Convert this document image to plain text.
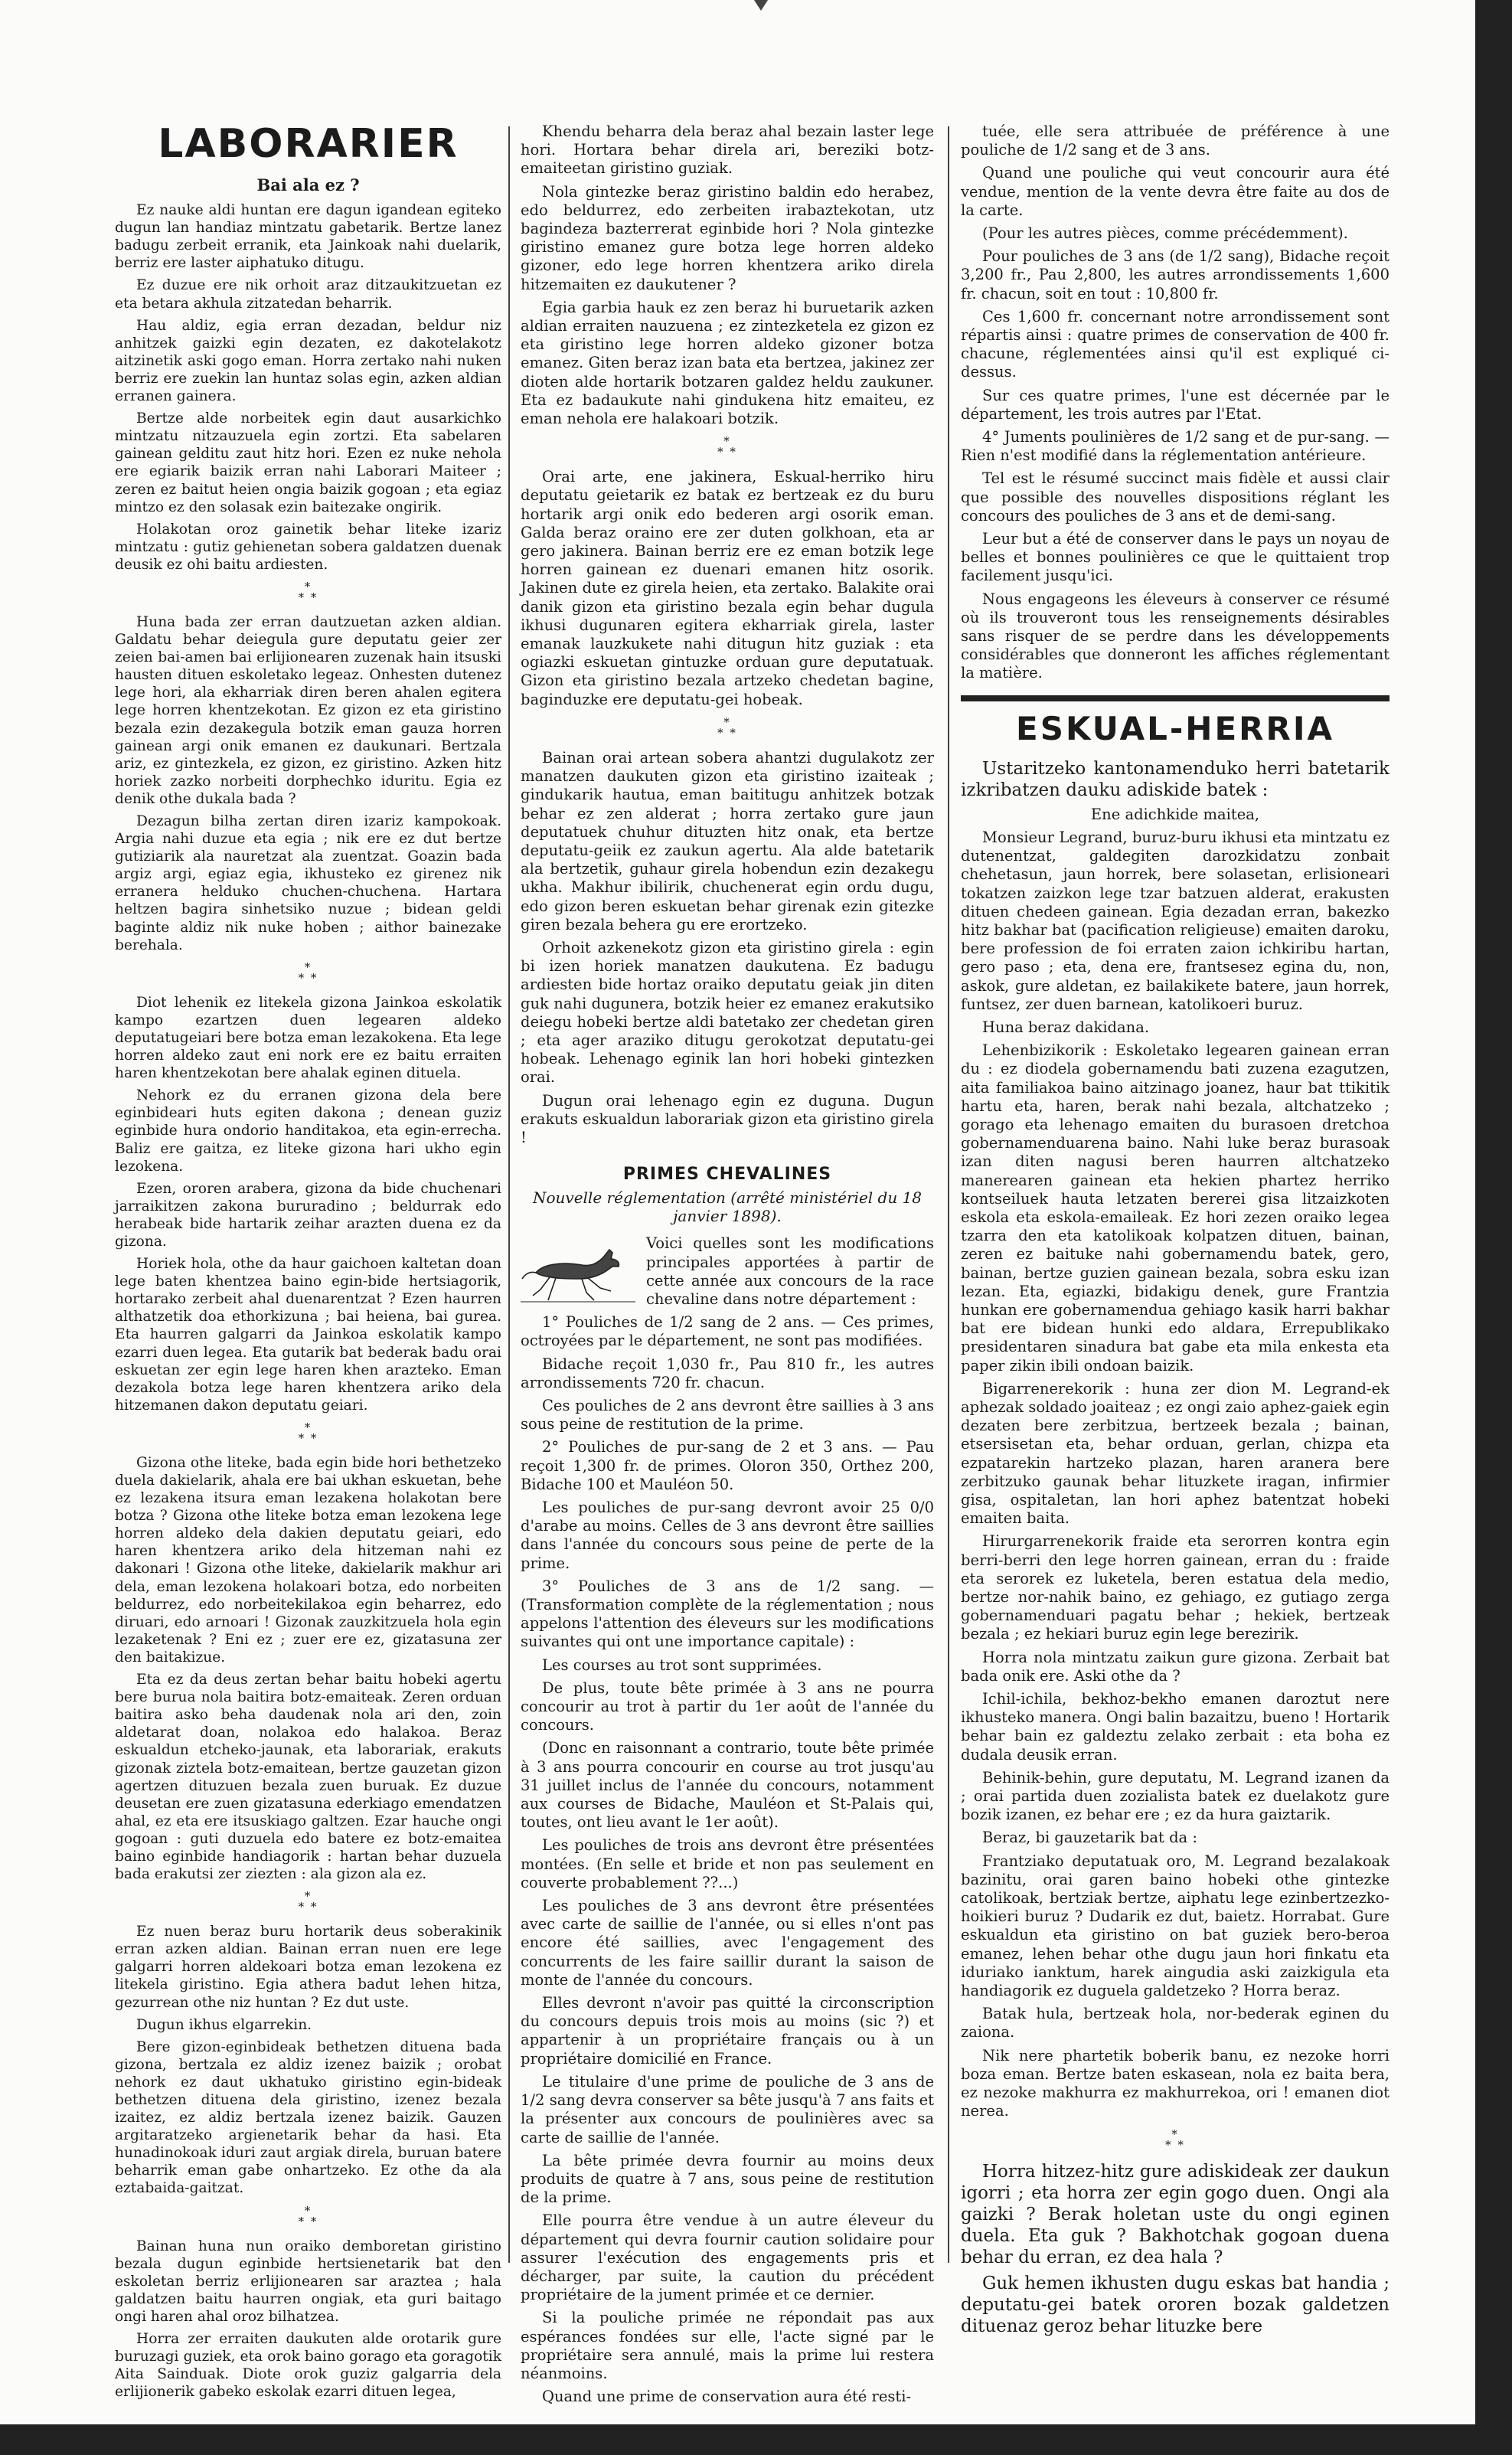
LABORARIER
Bai ala ez ?

Ez nauke aldi huntan ere dagun igandean egiteko dugun lan handiaz mintzatu gabetarik. Bertze lanez badugu zerbeit erranik, eta Jainkoak nahi duelarik, berriz ere laster aiphatuko ditugu.

Ez duzue ere nik orhoit araz ditzaukitzuetan ez eta betara akhula zitzatedan beharrik.

Hau aldiz, egia erran dezadan, beldur niz anhitzek gaizki egin dezaten, ez dakotelakotz aitzinetik aski gogo eman. Horra zertako nahi nuken berriz ere zuekin lan huntaz solas egin, azken aldian erranen gainera.

Bertze alde norbeitek egin daut ausarkichko mintzatu nitzauzuela egin zortzi. Eta sabelaren gainean gelditu zaut hitz hori. Ezen ez nuke nehola ere egiarik baizik erran nahi Laborari Maiteer ; zeren ez baitut heien ongia baizik gogoan ; eta egiaz mintzo ez den solasak ezin baitezake ongirik.

Holakotan oroz gainetik behar liteke izariz mintzatu : gutiz gehienetan sobera galdatzen duenak deusik ez ohi baitu ardiesten.

*
* *

Huna bada zer erran dautzuetan azken aldian. Galdatu behar deiegula gure deputatu geier zer zeien bai-amen bai erlijionearen zuzenak hain itsuski hausten dituen eskoletako legeaz. Onhesten dutenez lege hori, ala ekharriak diren beren ahalen egitera lege horren khentzekotan. Ez gizon ez eta giristino bezala ezin dezakegula botzik eman gauza horren gainean argi onik emanen ez daukunari. Bertzala ariz, ez gintezkela, ez gizon, ez giristino. Azken hitz horiek zazko norbeiti dorphechko iduritu. Egia ez denik othe dukala bada ?

Dezagun bilha zertan diren izariz kampokoak. Argia nahi duzue eta egia ; nik ere ez dut bertze gutiziarik ala nauretzat ala zuentzat. Goazin bada argiz argi, egiaz egia, ikhusteko ez girenez nik erranera helduko chuchen-chuchena. Hartara heltzen bagira sinhetsiko nuzue ; bidean geldi baginte aldiz nik nuke hoben ; aithor bainezake berehala.

*
* *

Diot lehenik ez litekela gizona Jainkoa eskolatik kampo ezartzen duen legearen aldeko deputatugeiari bere botza eman lezakokena. Eta lege horren aldeko zaut eni nork ere ez baitu erraiten haren khentzekotan bere ahalak eginen dituela.

Nehork ez du erranen gizona dela bere eginbideari huts egiten dakona ; denean guziz eginbide hura ondorio handitakoa, eta egin-errecha. Baliz ere gaitza, ez liteke gizona hari ukho egin lezokena.

Ezen, ororen arabera, gizona da bide chuchenari jarraikitzen zakona bururadino ; beldurrak edo herabeak bide hartarik zeihar arazten duena ez da gizona.

Horiek hola, othe da haur gaichoen kaltetan doan lege baten khentzea baino egin-bide hertsiagorik, hortarako zerbeit ahal duenarentzat ? Ezen haurren althatzetik doa ethorkizuna ; bai heiena, bai gurea. Eta haurren galgarri da Jainkoa eskolatik kampo ezarri duen legea. Eta gutarik bat bederak badu orai eskuetan zer egin lege haren khen arazteko. Eman dezakola botza lege haren khentzera ariko dela hitzemanen dakon deputatu geiari.

*
* *

Gizona othe liteke, bada egin bide hori bethetzeko duela dakielarik, ahala ere bai ukhan eskuetan, behe ez lezakena itsura eman lezakena holakotan bere botza ? Gizona othe liteke botza eman lezokena lege horren aldeko dela dakien deputatu geiari, edo haren khentzera ariko dela hitzeman nahi ez dakonari ! Gizona othe liteke, dakielarik makhur ari dela, eman lezokena holakoari botza, edo norbeiten beldurrez, edo norbeitekilakoa egin beharrez, edo diruari, edo arnoari ! Gizonak zauzkitzuela hola egin lezaketenak ? Eni ez ; zuer ere ez, gizatasuna zer den baitakizue.

Eta ez da deus zertan behar baitu hobeki agertu bere burua nola baitira botz-emaiteak. Zeren orduan baitira asko beha daudenak nola ari den, zoin aldetarat doan, nolakoa edo halakoa. Beraz eskualdun etcheko-jaunak, eta laborariak, erakuts gizonak ziztela botz-emaitean, bertze gauzetan gizon agertzen dituzuen bezala zuen buruak. Ez duzue deusetan ere zuen gizatasuna ederkiago emendatzen ahal, ez eta ere itsuskiago galtzen. Ezar hauche ongi gogoan : guti duzuela edo batere ez botz-emaitea baino eginbide handiagorik : hartan behar duzuela bada erakutsi zer ziezten : ala gizon ala ez.

*
* *

Ez nuen beraz buru hortarik deus soberakinik erran azken aldian. Bainan erran nuen ere lege galgarri horren aldekoari botza eman lezokena ez litekela giristino. Egia athera badut lehen hitza, gezurrean othe niz huntan ? Ez dut uste.

Dugun ikhus elgarrekin.

Bere gizon-eginbideak bethetzen dituena bada gizona, bertzala ez aldiz izenez baizik ; orobat nehork ez daut ukhatuko giristino egin-bideak bethetzen dituena dela giristino, izenez bezala izaitez, ez aldiz bertzala izenez baizik. Gauzen argitaratzeko argienetarik behar da hasi. Eta hunadinokoak iduri zaut argiak direla, buruan batere beharrik eman gabe onhartzeko. Ez othe da ala eztabaida-gaitzat.

*
* *

Bainan huna nun oraiko demboretan giristino bezala dugun eginbide hertsienetarik bat den eskoletan berriz erlijionearen sar araztea ; hala galdatzen baitu haurren ongiak, eta guri baitago ongi haren ahal oroz bilhatzea.

Horra zer erraiten daukuten alde orotarik gure buruzagi guziek, eta orok baino gorago eta goragotik Aita Sainduak. Diote orok guziz galgarria dela erlijionerik gabeko eskolak ezarri dituen legea,

Khendu beharra dela beraz ahal bezain laster lege hori. Hortara behar direla ari, bereziki botz-emaiteetan giristino guziak.

Nola gintezke beraz giristino baldin edo herabez, edo beldurrez, edo zerbeiten irabaztekotan, utz bagindeza bazterrerat eginbide hori ? Nola gintezke giristino emanez gure botza lege horren aldeko gizoner, edo lege horren khentzera ariko direla hitzemaiten ez daukutener ?

Egia garbia hauk ez zen beraz hi buruetarik azken aldian erraiten nauzuena ; ez zintezketela ez gizon ez eta giristino lege horren aldeko gizoner botza emanez. Giten beraz izan bata eta bertzea, jakinez zer dioten alde hortarik botzaren galdez heldu zaukuner. Eta ez badaukute nahi gindukena hitz emaiteu, ez eman nehola ere halakoari botzik.

*
* *

Orai arte, ene jakinera, Eskual-herriko hiru deputatu geietarik ez batak ez bertzeak ez du buru hortarik argi onik edo bederen argi osorik eman. Galda beraz oraino ere zer duten golkhoan, eta ar gero jakinera. Bainan berriz ere ez eman botzik lege horren gainean ez duenari emanen hitz osorik. Jakinen dute ez girela heien, eta zertako. Balakite orai danik gizon eta giristino bezala egin behar dugula ikhusi dugunaren egitera ekharriak girela, laster emanak lauzkukete nahi ditugun hitz guziak : eta ogiazki eskuetan gintuzke orduan gure deputatuak. Gizon eta giristino bezala artzeko chedetan bagine, baginduzke ere deputatu-gei hobeak.

*
* *

Bainan orai artean sobera ahantzi dugulakotz zer manatzen daukuten gizon eta giristino izaiteak ; gindukarik hautua, eman baititugu anhitzek botzak behar ez zen alderat ; horra zertako gure jaun deputatuek chuhur dituzten hitz onak, eta bertze deputatu-geiik ez zaukun agertu. Ala alde batetarik ala bertzetik, guhaur girela hobendun ezin dezakegu ukha. Makhur ibilirik, chuchenerat egin ordu dugu, edo gizon beren eskuetan behar girenak ezin gitezke giren bezala behera gu ere erortzeko.

Orhoit azkenekotz gizon eta giristino girela : egin bi izen horiek manatzen daukutena. Ez badugu ardiesten bide hortaz oraiko deputatu geiak jin diten guk nahi dugunera, botzik heier ez emanez erakutsiko deiegu hobeki bertze aldi batetako zer chedetan giren ; eta ager araziko ditugu gerokotzat deputatu-gei hobeak. Lehenago eginik lan hori hobeki gintezken orai.

Dugun orai lehenago egin ez duguna. Dugun erakuts eskualdun laborariak gizon eta giristino girela !

PRIMES CHEVALINES
Nouvelle réglementation (arrêté ministériel du 18 janvier 1898).

Voici quelles sont les modifications principales apportées à partir de cette année aux concours de la race chevaline dans notre département :

1° Pouliches de 1/2 sang de 2 ans. — Ces primes, octroyées par le département, ne sont pas modifiées.

Bidache reçoit 1,030 fr., Pau 810 fr., les autres arrondissements 720 fr. chacun.

Ces pouliches de 2 ans devront être saillies à 3 ans sous peine de restitution de la prime.

2° Pouliches de pur-sang de 2 et 3 ans. — Pau reçoit 1,300 fr. de primes. Oloron 350, Orthez 200, Bidache 100 et Mauléon 50.

Les pouliches de pur-sang devront avoir 25 0/0 d'arabe au moins. Celles de 3 ans devront être saillies dans l'année du concours sous peine de perte de la prime.

3° Pouliches de 3 ans de 1/2 sang. — (Transformation complète de la réglementation ; nous appelons l'attention des éleveurs sur les modifications suivantes qui ont une importance capitale) :

Les courses au trot sont supprimées.

De plus, toute bête primée à 3 ans ne pourra concourir au trot à partir du 1er août de l'année du concours.

(Donc en raisonnant a contrario, toute bête primée à 3 ans pourra concourir en course au trot jusqu'au 31 juillet inclus de l'année du concours, notamment aux courses de Bidache, Mauléon et St-Palais qui, toutes, ont lieu avant le 1er août).

Les pouliches de trois ans devront être présentées montées. (En selle et bride et non pas seulement en couverte probablement ??...)

Les pouliches de 3 ans devront être présentées avec carte de saillie de l'année, ou si elles n'ont pas encore été saillies, avec l'engagement des concurrents de les faire saillir durant la saison de monte de l'année du concours.

Elles devront n'avoir pas quitté la circonscription du concours depuis trois mois au moins (sic ?) et appartenir à un propriétaire français ou à un propriétaire domicilié en France.

Le titulaire d'une prime de pouliche de 3 ans de 1/2 sang devra conserver sa bête jusqu'à 7 ans faits et la présenter aux concours de poulinières avec sa carte de saillie de l'année.

La bête primée devra fournir au moins deux produits de quatre à 7 ans, sous peine de restitution de la prime.

Elle pourra être vendue à un autre éleveur du département qui devra fournir caution solidaire pour assurer l'exécution des engagements pris et décharger, par suite, la caution du précédent propriétaire de la jument primée et ce dernier.

Si la pouliche primée ne répondait pas aux espérances fondées sur elle, l'acte signé par le propriétaire sera annulé, mais la prime lui restera néanmoins.

Quand une prime de conservation aura été resti-

tuée, elle sera attribuée de préférence à une pouliche de 1/2 sang et de 3 ans.

Quand une pouliche qui veut concourir aura été vendue, mention de la vente devra être faite au dos de la carte.

(Pour les autres pièces, comme précédemment).

Pour pouliches de 3 ans (de 1/2 sang), Bidache reçoit 3,200 fr., Pau 2,800, les autres arrondissements 1,600 fr. chacun, soit en tout : 10,800 fr.

Ces 1,600 fr. concernant notre arrondissement sont répartis ainsi : quatre primes de conservation de 400 fr. chacune, réglementées ainsi qu'il est expliqué ci-dessus.

Sur ces quatre primes, l'une est décernée par le département, les trois autres par l'Etat.

4° Juments poulinières de 1/2 sang et de pur-sang. — Rien n'est modifié dans la réglementation antérieure.

Tel est le résumé succinct mais fidèle et aussi clair que possible des nouvelles dispositions réglant les concours des pouliches de 3 ans et de demi-sang.

Leur but a été de conserver dans le pays un noyau de belles et bonnes poulinières ce que le quittaient trop facilement jusqu'ici.

Nous engageons les éleveurs à conserver ce résumé où ils trouveront tous les renseignements désirables sans risquer de se perdre dans les développements considérables que donneront les affiches réglementant la matière.

ESKUAL-HERRIA

Ustaritzeko kantonamenduko herri batetarik izkribatzen dauku adiskide batek :

Ene adichkide maitea,

Monsieur Legrand, buruz-buru ikhusi eta mintzatu ez dutenentzat, galdegiten darozkidatzu zonbait chehetasun, jaun horrek, bere solasetan, erlisioneari tokatzen zaizkon lege tzar batzuen alderat, erakusten dituen chedeen gainean. Egia dezadan erran, bakezko hitz bakhar bat (pacification religieuse) emaiten daroku, bere profession de foi erraten zaion ichkiribu hartan, gero paso ; eta, dena ere, frantsesez egina du, non, askok, gure aldetan, ez bailakikete batere, jaun horrek, funtsez, zer duen barnean, katolikoeri buruz.

Huna beraz dakidana.

Lehenbizikorik : Eskoletako legearen gainean erran du : ez diodela gobernamendu bati zuzena ezagutzen, aita familiakoa baino aitzinago joanez, haur bat ttikitik hartu eta, haren, berak nahi bezala, altchatzeko ; gorago eta lehenago emaiten du burasoen dretchoa gobernamenduarena baino. Nahi luke beraz burasoak izan diten nagusi beren haurren altchatzeko manerearen gainean eta hekien phartez herriko kontseiluek hauta letzaten bererei gisa litzaizkoten eskola eta eskola-emaileak. Ez hori zezen oraiko legea tzarra den eta katolikoak kolpatzen dituen, bainan, zeren ez baituke nahi gobernamendu batek, gero, bainan, bertze guzien gainean bezala, sobra esku izan lezan. Eta, egiazki, bidakigu denek, gure Frantzia hunkan ere gobernamendua gehiago kasik harri bakhar bat ere bidean hunki edo aldara, Errepublikako presidentaren sinadura bat gabe eta mila enkesta eta paper zikin ibili ondoan baizik.

Bigarrenerekorik : huna zer dion M. Legrand-ek aphezak soldado joaiteaz ; ez ongi zaio aphez-gaiek egin dezaten bere zerbitzua, bertzeek bezala ; bainan, etsersisetan eta, behar orduan, gerlan, chizpa eta ezpatarekin hartzeko plazan, haren aranera bere zerbitzuko gaunak behar lituzkete iragan, infirmier gisa, ospitaletan, lan hori aphez batentzat hobeki emaiten baita.

Hirurgarrenekorik fraide eta serorren kontra egin berri-berri den lege horren gainean, erran du : fraide eta serorek ez luketela, beren estatua dela medio, bertze nor-nahik baino, ez gehiago, ez gutiago zerga gobernamenduari pagatu behar ; hekiek, bertzeak bezala ; ez hekiari buruz egin lege berezirik.

Horra nola mintzatu zaikun gure gizona. Zerbait bat bada onik ere. Aski othe da ?

Ichil-ichila, bekhoz-bekho emanen daroztut nere ikhusteko manera. Ongi balin bazaitzu, bueno ! Hortarik behar bain ez galdeztu zelako zerbait : eta boha ez dudala deusik erran.

Behinik-behin, gure deputatu, M. Legrand izanen da ; orai partida duen zozialista batek ez duelakotz gure bozik izanen, ez behar ere ; ez da hura gaiztarik.

Beraz, bi gauzetarik bat da :

Frantziako deputatuak oro, M. Legrand bezalakoak bazinitu, orai garen baino hobeki othe gintezke catolikoak, bertziak bertze, aiphatu lege ezinbertzezko-hoikieri buruz ? Dudarik ez dut, baietz. Horrabat. Gure eskualdun eta giristino on bat guziek bero-beroa emanez, lehen behar othe dugu jaun hori finkatu eta iduriako ianktum, harek aingudia aski zaizkigula eta handiagorik ez duguela galdetzeko ? Horra beraz.

Batak hula, bertzeak hola, nor-bederak eginen du zaiona.

Nik nere phartetik boberik banu, ez nezoke horri boza eman. Bertze baten eskasean, nola ez baita bera, ez nezoke makhurra ez makhurrekoa, ori ! emanen diot nerea.

*
* *

Horra hitzez-hitz gure adiskideak zer daukun igorri ; eta horra zer egin gogo duen. Ongi ala gaizki ? Berak holetan uste du ongi eginen duela. Eta guk ? Bakhotchak gogoan duena behar du erran, ez dea hala ?

Guk hemen ikhusten dugu eskas bat handia ; deputatu-gei batek ororen bozak galdetzen dituenaz geroz behar lituzke bere
